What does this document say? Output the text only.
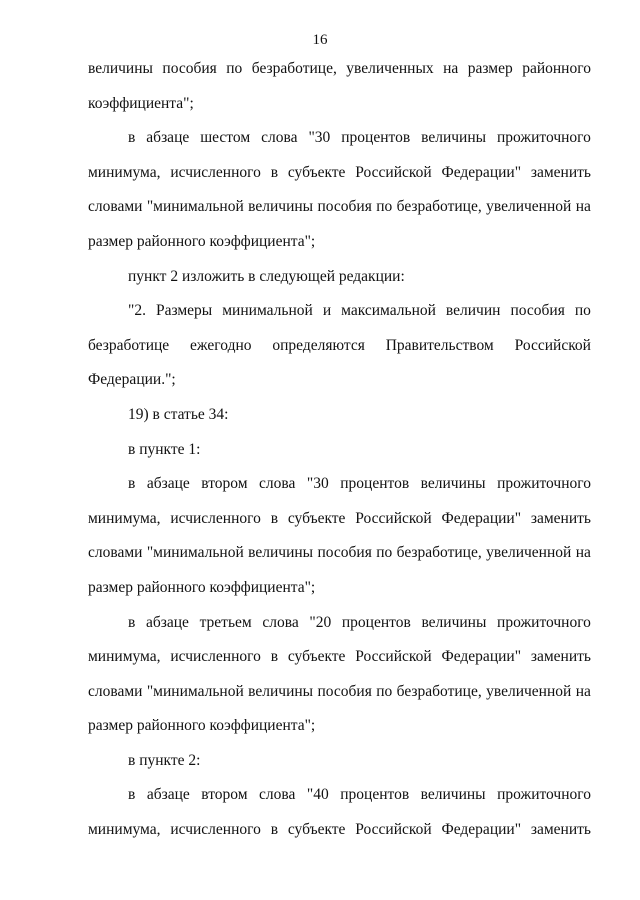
16
величины пособия по безработице, увеличенных на размер районного
коэффициента";
в абзаце шестом слова "30 процентов величины прожиточного
минимума, исчисленного в субъекте Российской Федерации" заменить
словами "минимальной величины пособия по безработице, увеличенной на
размер районного коэффициента";
пункт 2 изложить в следующей редакции:
"2. Размеры минимальной и максимальной величин пособия по
безработице ежегодно определяются Правительством Российской
Федерации.";
19) в статье 34:
в пункте 1:
в абзаце втором слова "30 процентов величины прожиточного
минимума, исчисленного в субъекте Российской Федерации" заменить
словами "минимальной величины пособия по безработице, увеличенной на
размер районного коэффициента";
в абзаце третьем слова "20 процентов величины прожиточного
минимума, исчисленного в субъекте Российской Федерации" заменить
словами "минимальной величины пособия по безработице, увеличенной на
размер районного коэффициента";
в пункте 2:
в абзаце втором слова "40 процентов величины прожиточного
минимума, исчисленного в субъекте Российской Федерации" заменить
